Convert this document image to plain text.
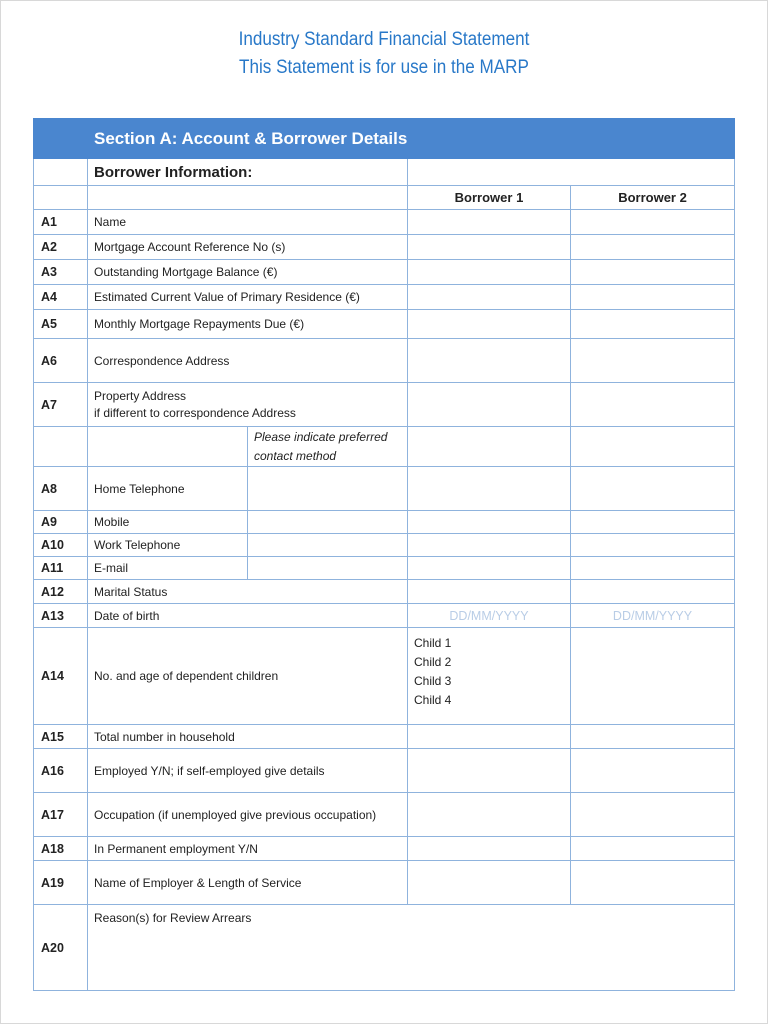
Industry Standard Financial Statement
This Statement is for use in the MARP
	Section A: Account & Borrower Details			
	Borrower Information:			
			Borrower 1	Borrower 2
A1	Name			
A2	Mortgage Account Reference No (s)			
A3	Outstanding Mortgage Balance (€)			
A4	Estimated Current Value of Primary Residence (€)			
A5	Monthly Mortgage Repayments Due (€)			
A6	Correspondence Address			
A7	Property Address
if different to correspondence Address			

		Please indicate preferred contact method		
A8	Home Telephone			
A9	Mobile			
A10	Work Telephone			
A11	E-mail			
A12	Marital Status			
A13	Date of birth		DD/MM/YYYY	DD/MM/YYYY
A14	No. and age of dependent children		Child 1
Child 2
Child 3
Child 4	

A15	Total number in household			
A16	Employed Y/N; if self-employed give details			
A17	Occupation (if unemployed give previous occupation)			
A18	In Permanent employment Y/N			
A19	Name of Employer & Length of Service			
A20	Reason(s) for Review Arrears			
